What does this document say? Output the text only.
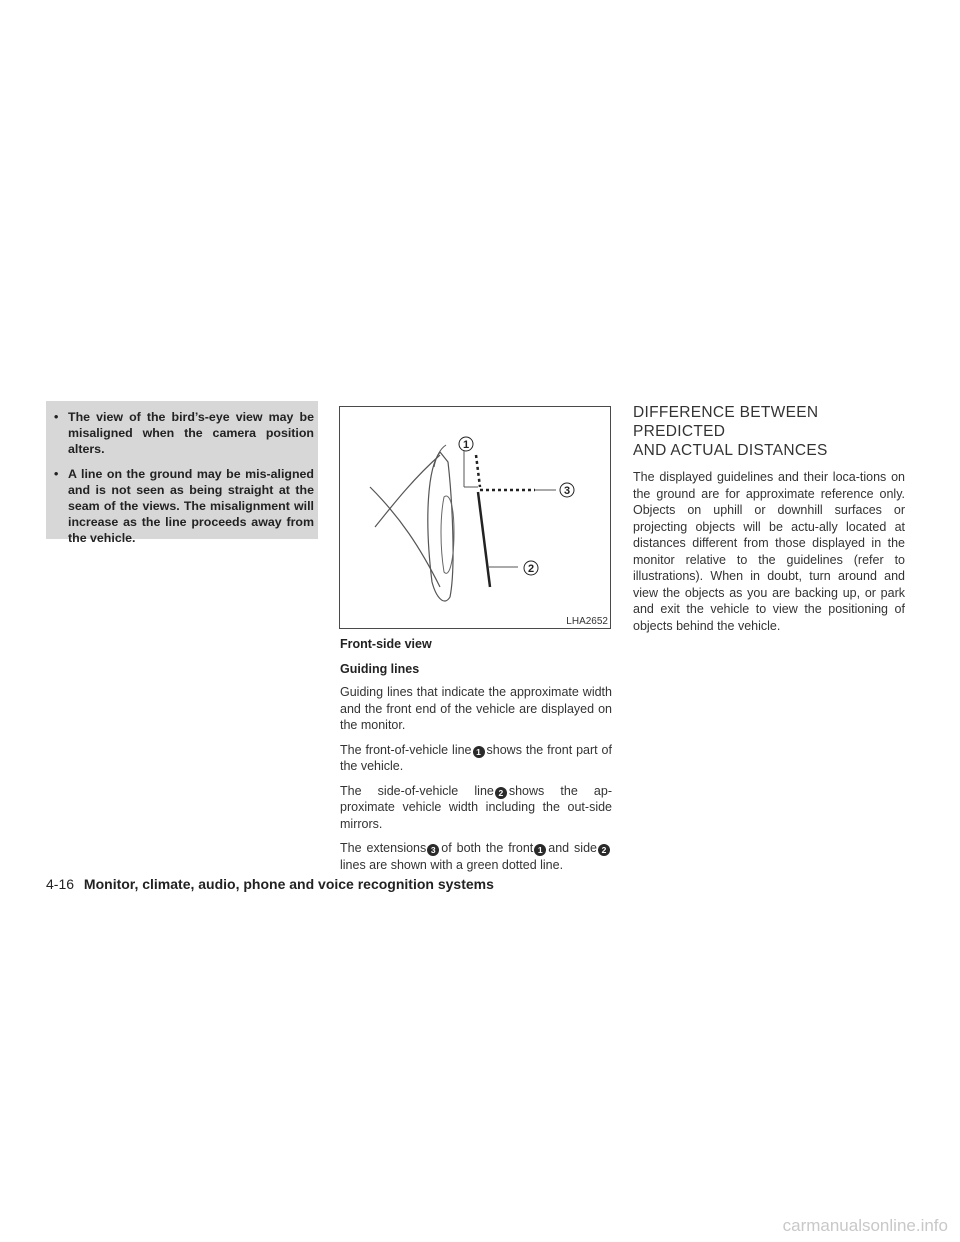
• The view of the bird’s-eye view may be misaligned when the camera position alters.
• A line on the ground may be mis-aligned and is not seen as being straight at the seam of the views. The misalignment will increase as the line proceeds away from the vehicle.
1
2
3
LHA2652

Front-side view

Guiding lines

Guiding lines that indicate the approximate width and the front end of the vehicle are displayed on the monitor.

The front-of-vehicle line 1 shows the front part of the vehicle.

The side-of-vehicle line 2 shows the ap-proximate vehicle width including the out-side mirrors.

The extensions 3 of both the front 1 and side 2lines are shown with a green dotted line.

DIFFERENCE BETWEEN PREDICTED
AND ACTUAL DISTANCES

The displayed guidelines and their loca-tions on the ground are for approximate reference only. Objects on uphill or downhill surfaces or projecting objects will be actu-ally located at distances different from those displayed in the monitor relative to the guidelines (refer to illustrations). When in doubt, turn around and view the objects as you are backing up, or park and exit the vehicle to view the positioning of objects behind the vehicle.

4-16 Monitor, climate, audio, phone and voice recognition systems
carmanualsonline.info
